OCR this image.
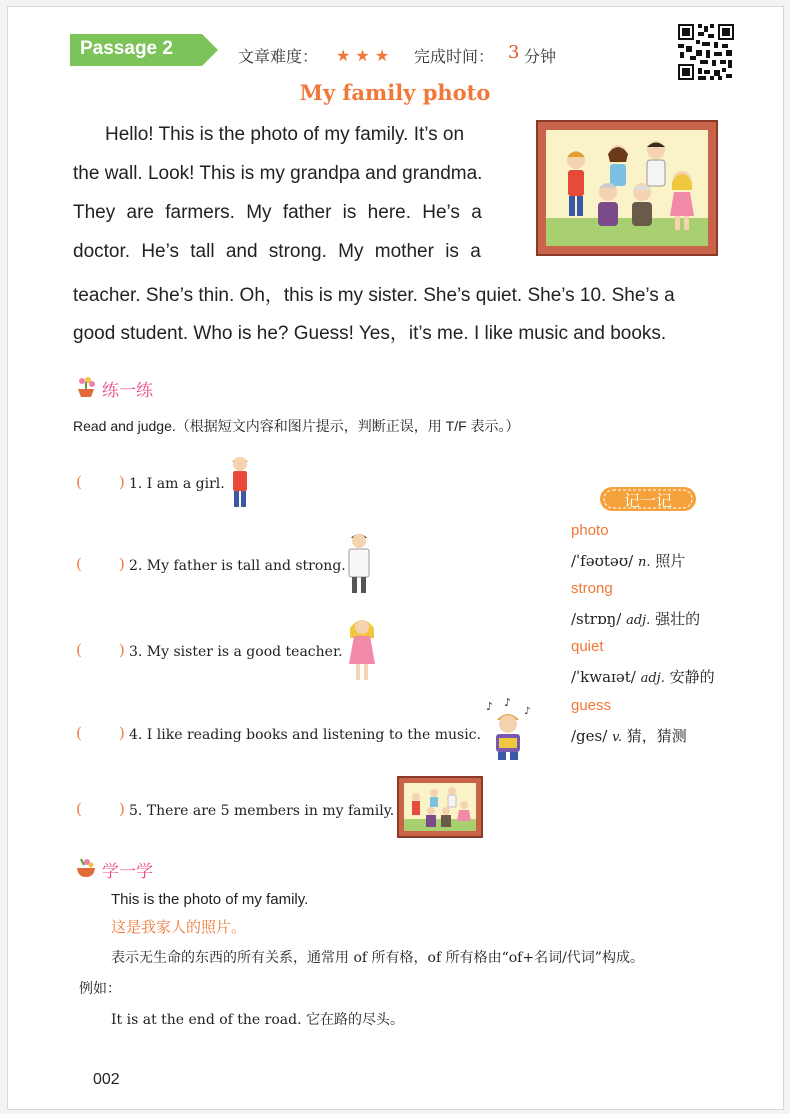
Passage 2	文章难度： ★ ★ ★ 完成时间： 3 分钟
My family photo
Hello! This is the photo of my family. It’s on
the wall. Look! This is my grandpa and grandma.
They are farmers. My father is here. He’s a
doctor. He’s tall and strong. My mother is a
teacher. She’s thin. Oh，this is my sister. She’s quiet. She’s 10. She’s a
good student. Who is he? Guess! Yes，it’s me. I like music and books.
练一练
Read and judge.（根据短文内容和图片提示，判断正误，用 T/F 表示。）
( ) 1. I am a girl.
( ) 2. My father is tall and strong.
( ) 3. My sister is a good teacher.
( ) 4. I like reading books and listening to the music.
♪ ♪
♪
( ) 5. There are 5 members in my family.
记一记
photo
/ˈfəʊtəʊ/ n. 照片
strong
/strɒŋ/ adj. 强壮的
quiet
/ˈkwaɪət/ adj. 安静的
guess
/ges/ v. 猜，猜测
学一学
This is the photo of my family.
这是我家人的照片。
表示无生命的东西的所有关系，通常用 of 所有格，of 所有格由“of+名词/代词”构成。
例如：
It is at the end of the road. 它在路的尽头。
002
